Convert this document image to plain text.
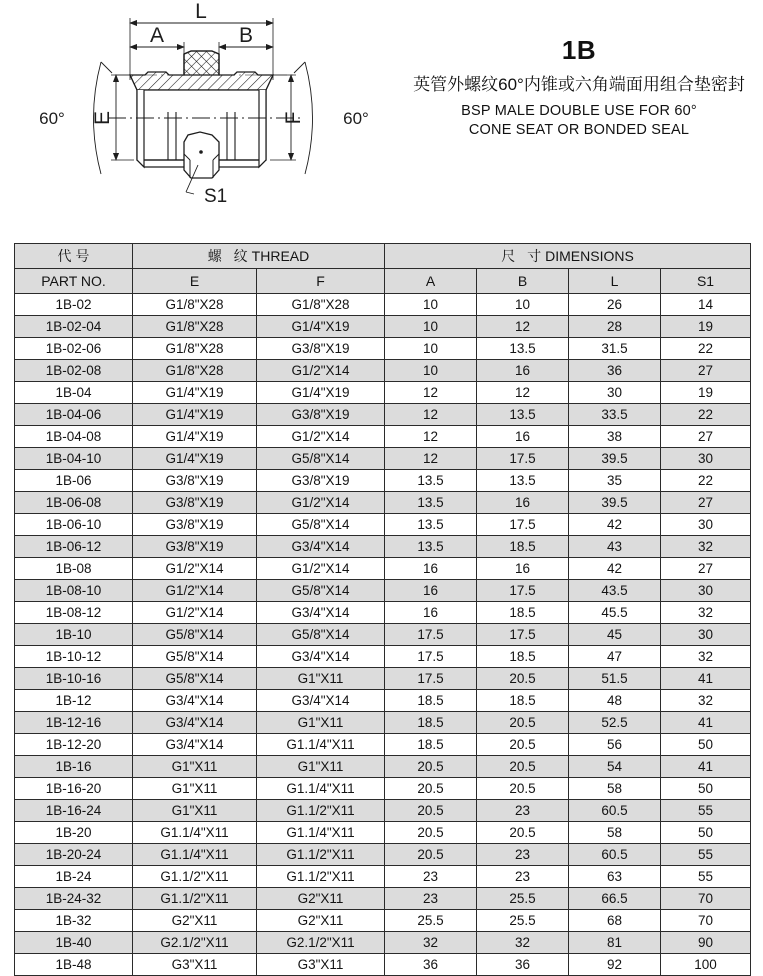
L
A	B
E	F
S1
60°	60°
1B
英管外螺纹60°内锥或六角端面用组合垫密封
BSP MALE DOUBLE USE FOR 60°
CONE SEAT OR BONDED SEAL
代 号	螺 纹THREAD		尺 寸DIMENSIONS			
PART NO.	E	F	A	B	L	S1
1B-02	G1/8"X28	G1/8"X28	10	10	26	14
1B-02-04	G1/8"X28	G1/4"X19	10	12	28	19
1B-02-06	G1/8"X28	G3/8"X19	10	13.5	31.5	22
1B-02-08	G1/8"X28	G1/2"X14	10	16	36	27
1B-04	G1/4"X19	G1/4"X19	12	12	30	19
1B-04-06	G1/4"X19	G3/8"X19	12	13.5	33.5	22
1B-04-08	G1/4"X19	G1/2"X14	12	16	38	27
1B-04-10	G1/4"X19	G5/8"X14	12	17.5	39.5	30
1B-06	G3/8"X19	G3/8"X19	13.5	13.5	35	22
1B-06-08	G3/8"X19	G1/2"X14	13.5	16	39.5	27
1B-06-10	G3/8"X19	G5/8"X14	13.5	17.5	42	30
1B-06-12	G3/8"X19	G3/4"X14	13.5	18.5	43	32
1B-08	G1/2"X14	G1/2"X14	16	16	42	27
1B-08-10	G1/2"X14	G5/8"X14	16	17.5	43.5	30
1B-08-12	G1/2"X14	G3/4"X14	16	18.5	45.5	32
1B-10	G5/8"X14	G5/8"X14	17.5	17.5	45	30
1B-10-12	G5/8"X14	G3/4"X14	17.5	18.5	47	32
1B-10-16	G5/8"X14	G1"X11	17.5	20.5	51.5	41
1B-12	G3/4"X14	G3/4"X14	18.5	18.5	48	32
1B-12-16	G3/4"X14	G1"X11	18.5	20.5	52.5	41
1B-12-20	G3/4"X14	G1.1/4"X11	18.5	20.5	56	50
1B-16	G1"X11	G1"X11	20.5	20.5	54	41
1B-16-20	G1"X11	G1.1/4"X11	20.5	20.5	58	50
1B-16-24	G1"X11	G1.1/2"X11	20.5	23	60.5	55
1B-20	G1.1/4"X11	G1.1/4"X11	20.5	20.5	58	50
1B-20-24	G1.1/4"X11	G1.1/2"X11	20.5	23	60.5	55
1B-24	G1.1/2"X11	G1.1/2"X11	23	23	63	55
1B-24-32	G1.1/2"X11	G2"X11	23	25.5	66.5	70
1B-32	G2"X11	G2"X11	25.5	25.5	68	70
1B-40	G2.1/2"X11	G2.1/2"X11	32	32	81	90
1B-48	G3"X11	G3"X11	36	36	92	100
